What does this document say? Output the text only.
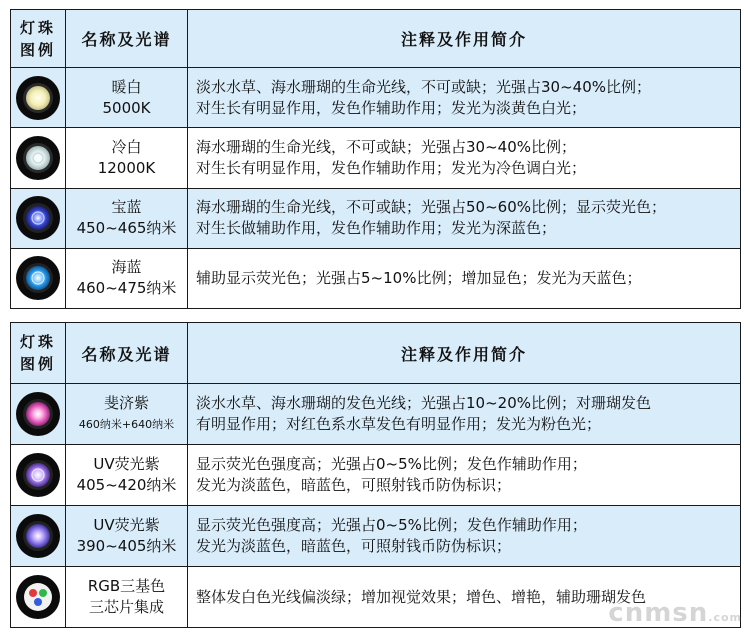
灯珠
图例	名称及光谱	注释及作用简介

暖白
5000K	淡水水草、海水珊瑚的生命光线，不可或缺；光强占30~40%比例；
对生长有明显作用，发色作辅助作用；发光为淡黄色白光；

冷白
12000K	海水珊瑚的生命光线，不可或缺；光强占30~40%比例；
对生长有明显作用，发色作辅助作用；发光为冷色调白光；

宝蓝
450~465纳米	海水珊瑚的生命光线，不可或缺；光强占50~60%比例；显示荧光色；
对生长做辅助作用，发色作辅助作用；发光为深蓝色；

海蓝
460~475纳米	辅助显示荧光色；光强占5~10%比例；增加显色；发光为天蓝色；
灯珠
图例	名称及光谱	注释及作用简介

斐济紫
460纳米+640纳米	淡水水草、海水珊瑚的发色光线；光强占10~20%比例；对珊瑚发色
有明显作用；对红色系水草发色有明显作用；发光为粉色光；

UV荧光紫
405~420纳米	显示荧光色强度高；光强占0~5%比例；发色作辅助作用；
发光为淡蓝色，暗蓝色，可照射钱币防伪标识；

UV荧光紫
390~405纳米	显示荧光色强度高；光强占0~5%比例；发色作辅助作用；
发光为淡蓝色，暗蓝色，可照射钱币防伪标识；

RGB三基色
三芯片集成	整体发白色光线偏淡绿；增加视觉效果；增色、增艳，辅助珊瑚发色
cnmsn.com
